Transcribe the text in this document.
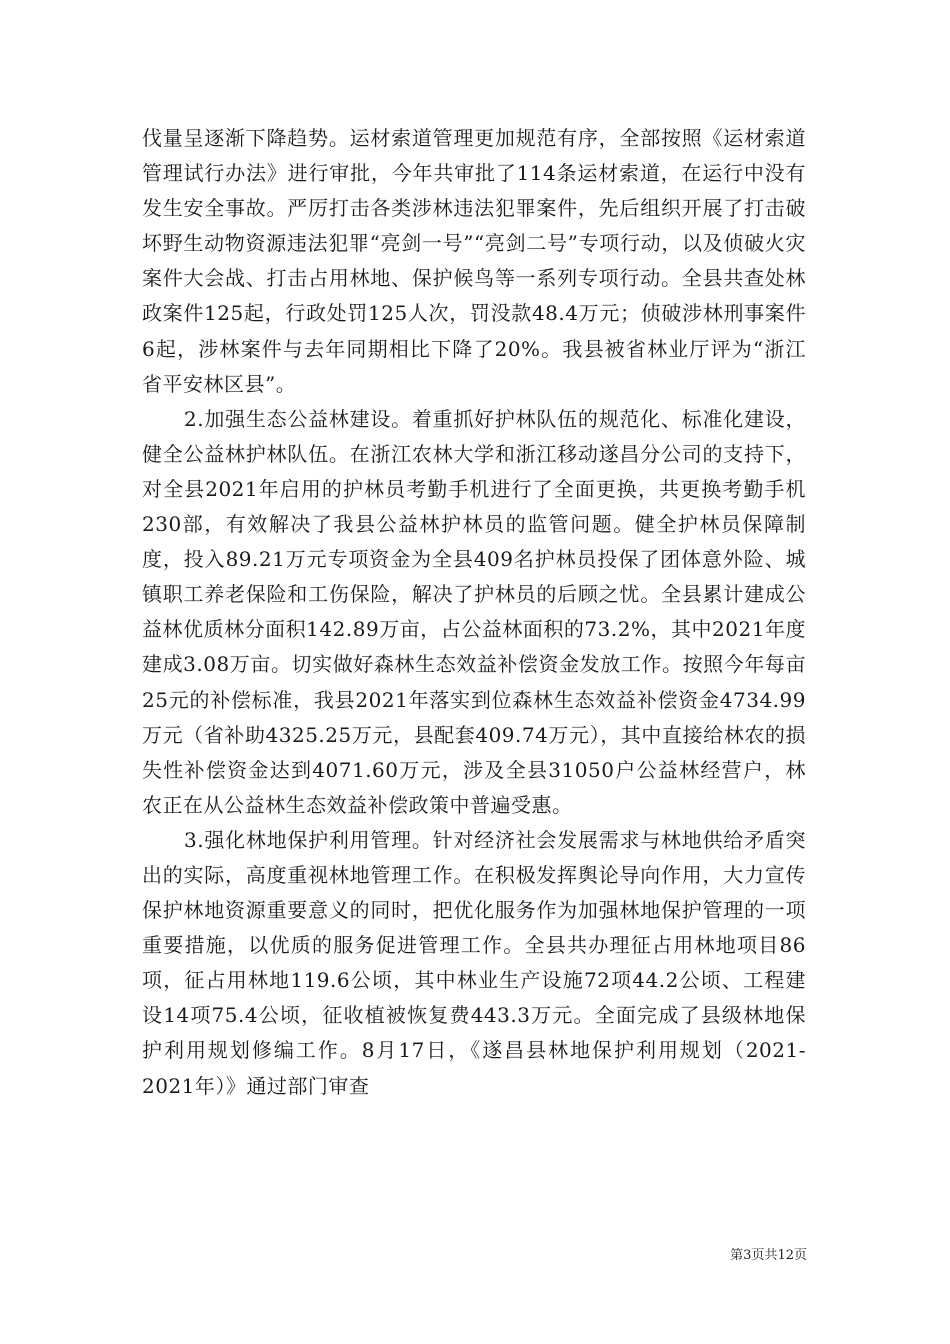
伐量呈逐渐下降趋势。运材索道管理更加规范有序，全部按照《运材索道管理试行办法》进行审批，今年共审批了114条运材索道，在运行中没有发生安全事故。严厉打击各类涉林违法犯罪案件，先后组织开展了打击破坏野生动物资源违法犯罪“亮剑一号”“亮剑二号”专项行动，以及侦破火灾案件大会战、打击占用林地、保护候鸟等一系列专项行动。全县共查处林政案件125起，行政处罚125人次，罚没款48.4万元；侦破涉林刑事案件6起，涉林案件与去年同期相比下降了20%。我县被省林业厅评为“浙江省平安林区县”。

2.加强生态公益林建设。着重抓好护林队伍的规范化、标准化建设，健全公益林护林队伍。在浙江农林大学和浙江移动遂昌分公司的支持下，对全县2021年启用的护林员考勤手机进行了全面更换，共更换考勤手机230部，有效解决了我县公益林护林员的监管问题。健全护林员保障制度，投入89.21万元专项资金为全县409名护林员投保了团体意外险、城镇职工养老保险和工伤保险，解决了护林员的后顾之忧。全县累计建成公益林优质林分面积142.89万亩，占公益林面积的73.2%，其中2021年度建成3.08万亩。切实做好森林生态效益补偿资金发放工作。按照今年每亩25元的补偿标准，我县2021年落实到位森林生态效益补偿资金4734.99万元（省补助4325.25万元，县配套409.74万元），其中直接给林农的损失性补偿资金达到4071.60万元，涉及全县31050户公益林经营户，林农正在从公益林生态效益补偿政策中普遍受惠。

3.强化林地保护利用管理。针对经济社会发展需求与林地供给矛盾突出的实际，高度重视林地管理工作。在积极发挥舆论导向作用，大力宣传保护林地资源重要意义的同时，把优化服务作为加强林地保护管理的一项重要措施，以优质的服务促进管理工作。全县共办理征占用林地项目86项，征占用林地119.6公顷，其中林业生产设施72项44.2公顷、工程建设14项75.4公顷，征收植被恢复费443.3万元。全面完成了县级林地保护利用规划修编工作。8月17日，《遂昌县林地保护利用规划（2021-2021年）》通过部门审查

第3页共12页
